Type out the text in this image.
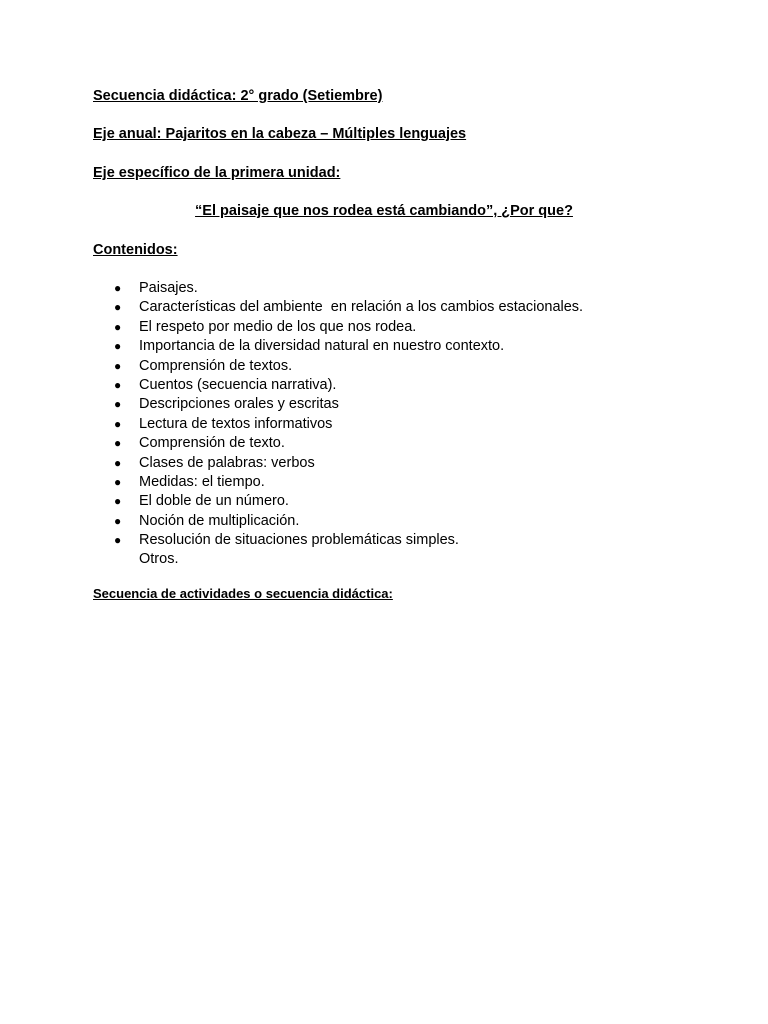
Secuencia didáctica: 2° grado (Setiembre)
Eje anual: Pajaritos en la cabeza – Múltiples lenguajes
Eje específico de la primera unidad:
“El paisaje que nos rodea está cambiando”, ¿Por que?
Contenidos:
● Paisajes.
● Características del ambiente  en relación a los cambios estacionales.
● El respeto por medio de los que nos rodea.
● Importancia de la diversidad natural en nuestro contexto.
● Comprensión de textos.
● Cuentos (secuencia narrativa).
● Descripciones orales y escritas
● Lectura de textos informativos
● Comprensión de texto.
● Clases de palabras: verbos
● Medidas: el tiempo.
● El doble de un número.
● Noción de multiplicación.
● Resolución de situaciones problemáticas simples.
Otros.
Secuencia de actividades o secuencia didáctica:
